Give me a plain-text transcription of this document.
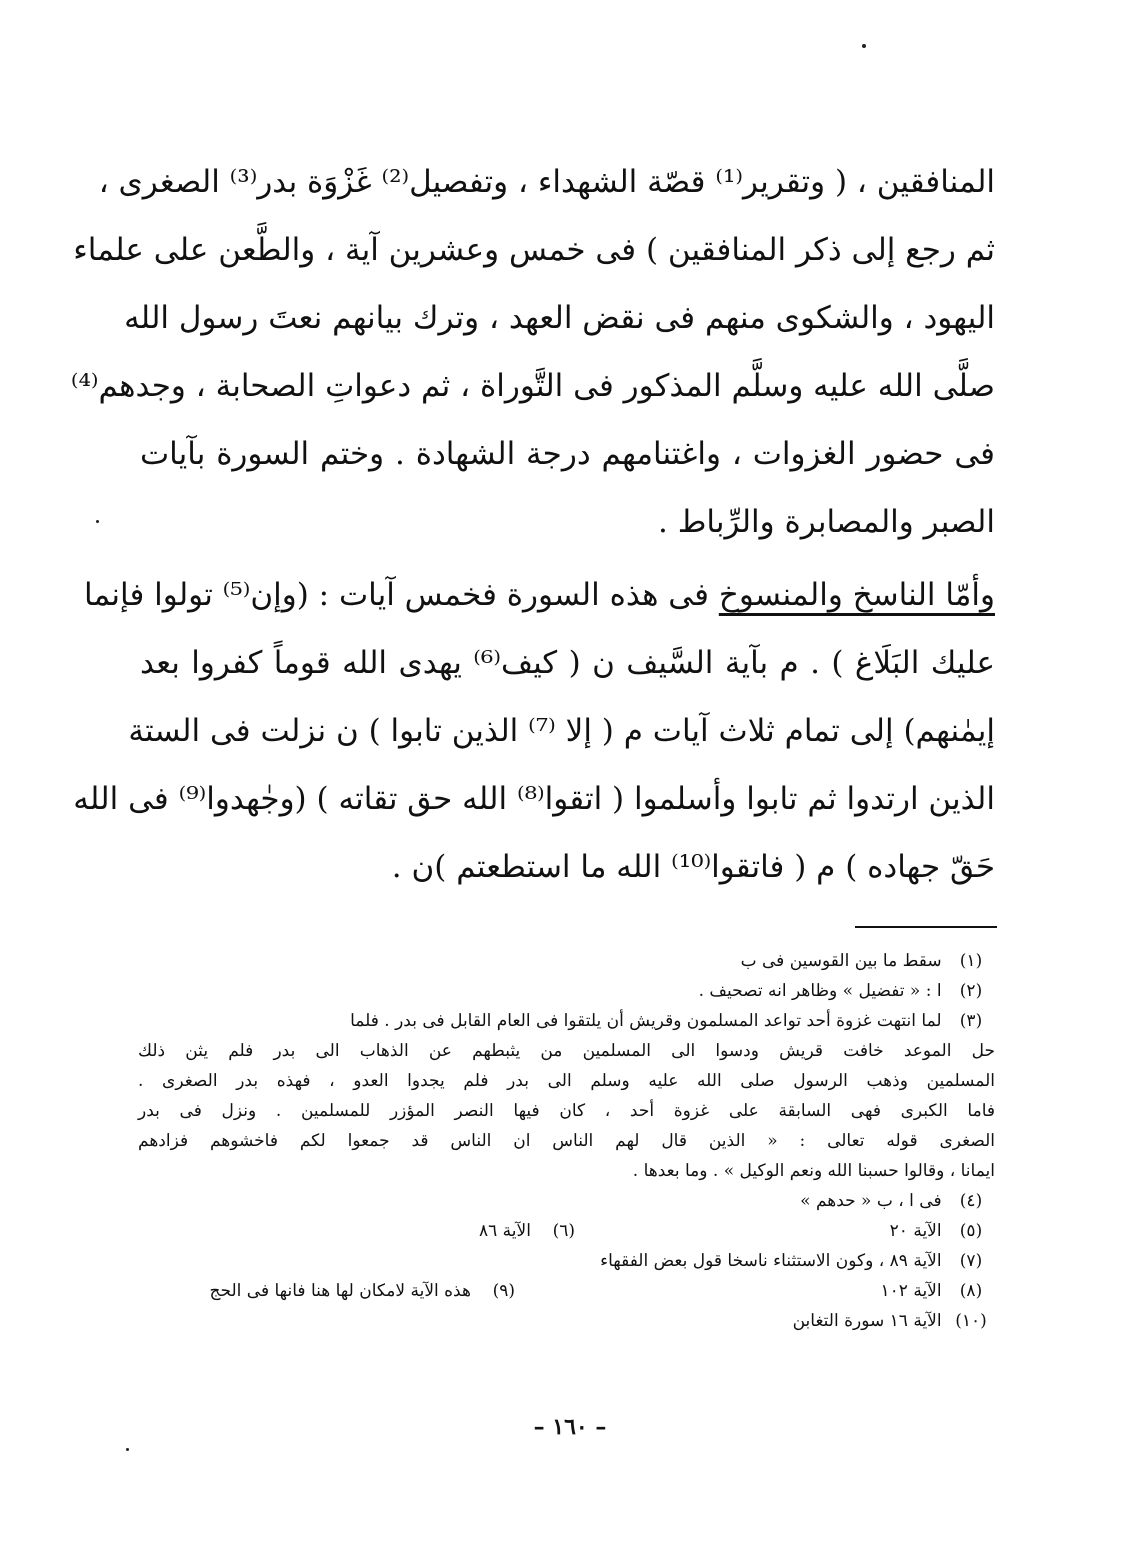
المنافقين ، ( وتقرير⁽¹⁾ قصّة الشهداء ، وتفصيل⁽²⁾ غَزْوَة بدر⁽³⁾ الصغرى ،
ثم رجع إلى ذكر المنافقين ) فى خمس وعشرين آية ، والطَّعن على علماء
اليهود ، والشكوى منهم فى نقض العهد ، وترك بيانهم نعتَ رسول الله
صلَّى الله عليه وسلَّم المذكور فى التَّوراة ، ثم دعواتِ الصحابة ، وجدهم⁽⁴⁾
فى حضور الغزوات ، واغتنامهم درجة الشهادة . وختم السورة بآيات
الصبر والمصابرة والرِّباط .
وأمّا الناسخ والمنسوخ فى هذه السورة فخمس آيات : (وإن⁽⁵⁾ تولوا فإنما
عليك البَلَاغ ) . م بآية السَّيف ن ( كيف⁽⁶⁾ يهدى الله قوماً كفروا بعد
إيمٰنهم) إلى تمام ثلاث آيات م ( إلا ⁽⁷⁾ الذين تابوا ) ن نزلت فى الستة
الذين ارتدوا ثم تابوا وأسلموا ( اتقوا⁽⁸⁾ الله حق تقاته ) (وجٰهدوا⁽⁹⁾ فى الله
حَقّ جهاده ) م ( فاتقوا⁽¹⁰⁾ الله ما استطعتم )ن .
(١) سقط ما بين القوسين فى ب
(٢) ا : « تفضيل » وظاهر انه تصحيف .
(٣) لما انتهت غزوة أحد تواعد المسلمون وقريش أن يلتقوا فى العام القابل فى بدر . فلما
حل الموعد خافت قريش ودسوا الى المسلمين من يثبطهم عن الذهاب الى بدر فلم يثن ذلك
المسلمين وذهب الرسول صلى الله عليه وسلم الى بدر فلم يجدوا العدو ، فهذه بدر الصغرى .
فاما الكبرى فهى السابقة على غزوة أحد ، كان فيها النصر المؤزر للمسلمين . ونزل فى بدر
الصغرى قوله تعالى : « الذين قال لهم الناس ان الناس قد جمعوا لكم فاخشوهم فزادهم
ايمانا ، وقالوا حسبنا الله ونعم الوكيل » . وما بعدها .
(٤) فى ا ، ب « حدهم »
(٥) الآية ٢٠
(٦)    الآية ٨٦
(٧) الآية ٨٩ ، وكون الاستثناء ناسخا قول بعض الفقهاء
(٨) الآية ١٠٢
(٩)    هذه الآية لامكان لها هنا فانها فى الحج
(١٠) الآية ١٦ سورة التغابن
– ١٦٠ –
